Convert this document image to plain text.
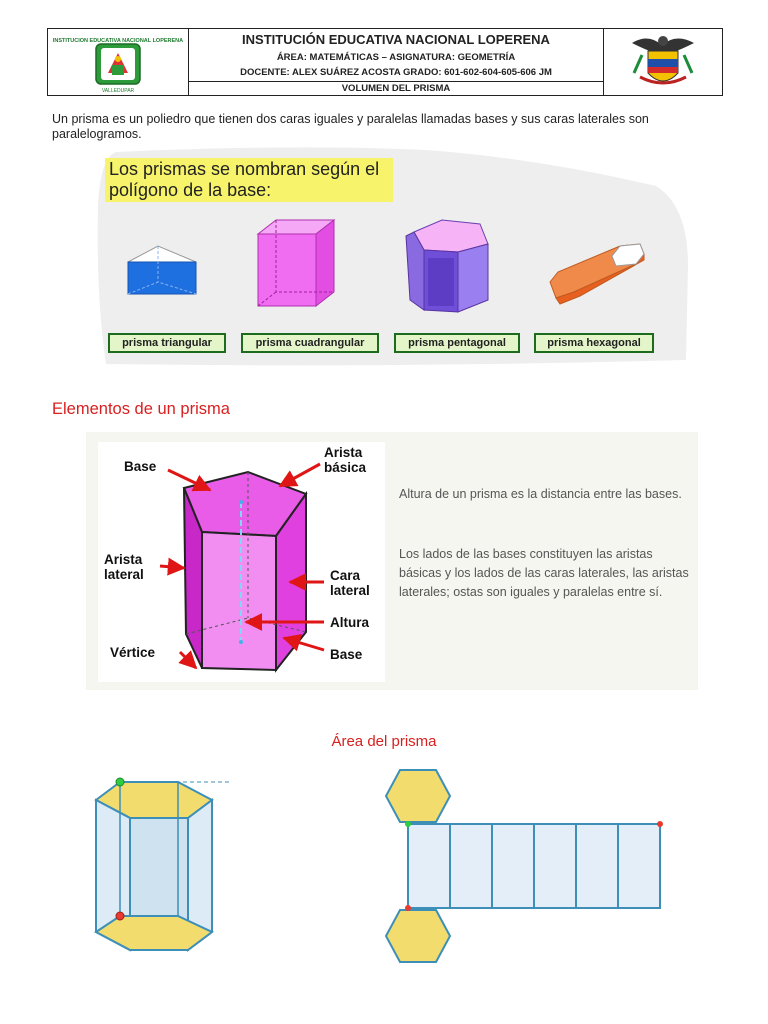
INSTITUCION EDUCATIVA NACIONAL LOPERENA
VALLEDUPAR
INSTITUCIÓN EDUCATIVA NACIONAL LOPERENA
ÁREA: MATEMÁTICAS – ASIGNATURA: GEOMETRÍA
DOCENTE: ALEX SUÁREZ ACOSTA GRADO: 601-602-604-605-606 JM
VOLUMEN DEL PRISMA
Un prisma es un poliedro que tienen dos caras iguales y paralelas llamadas bases y sus caras laterales son paralelogramos.
Los prismas se nombran según el polígono de la base:
prisma triangular	prisma cuadrangular	prisma pentagonal	prisma hexagonal
Elementos de un prisma
Base
Arista básica
Arista lateral	Cara lateral
Altura
Vértice	Base
Altura de un prisma es la distancia entre las bases.
Los lados de las bases constituyen las aristas básicas y los lados de las caras laterales, las aristas laterales; ostas son iguales y paralelas entre sí.
Área del prisma
